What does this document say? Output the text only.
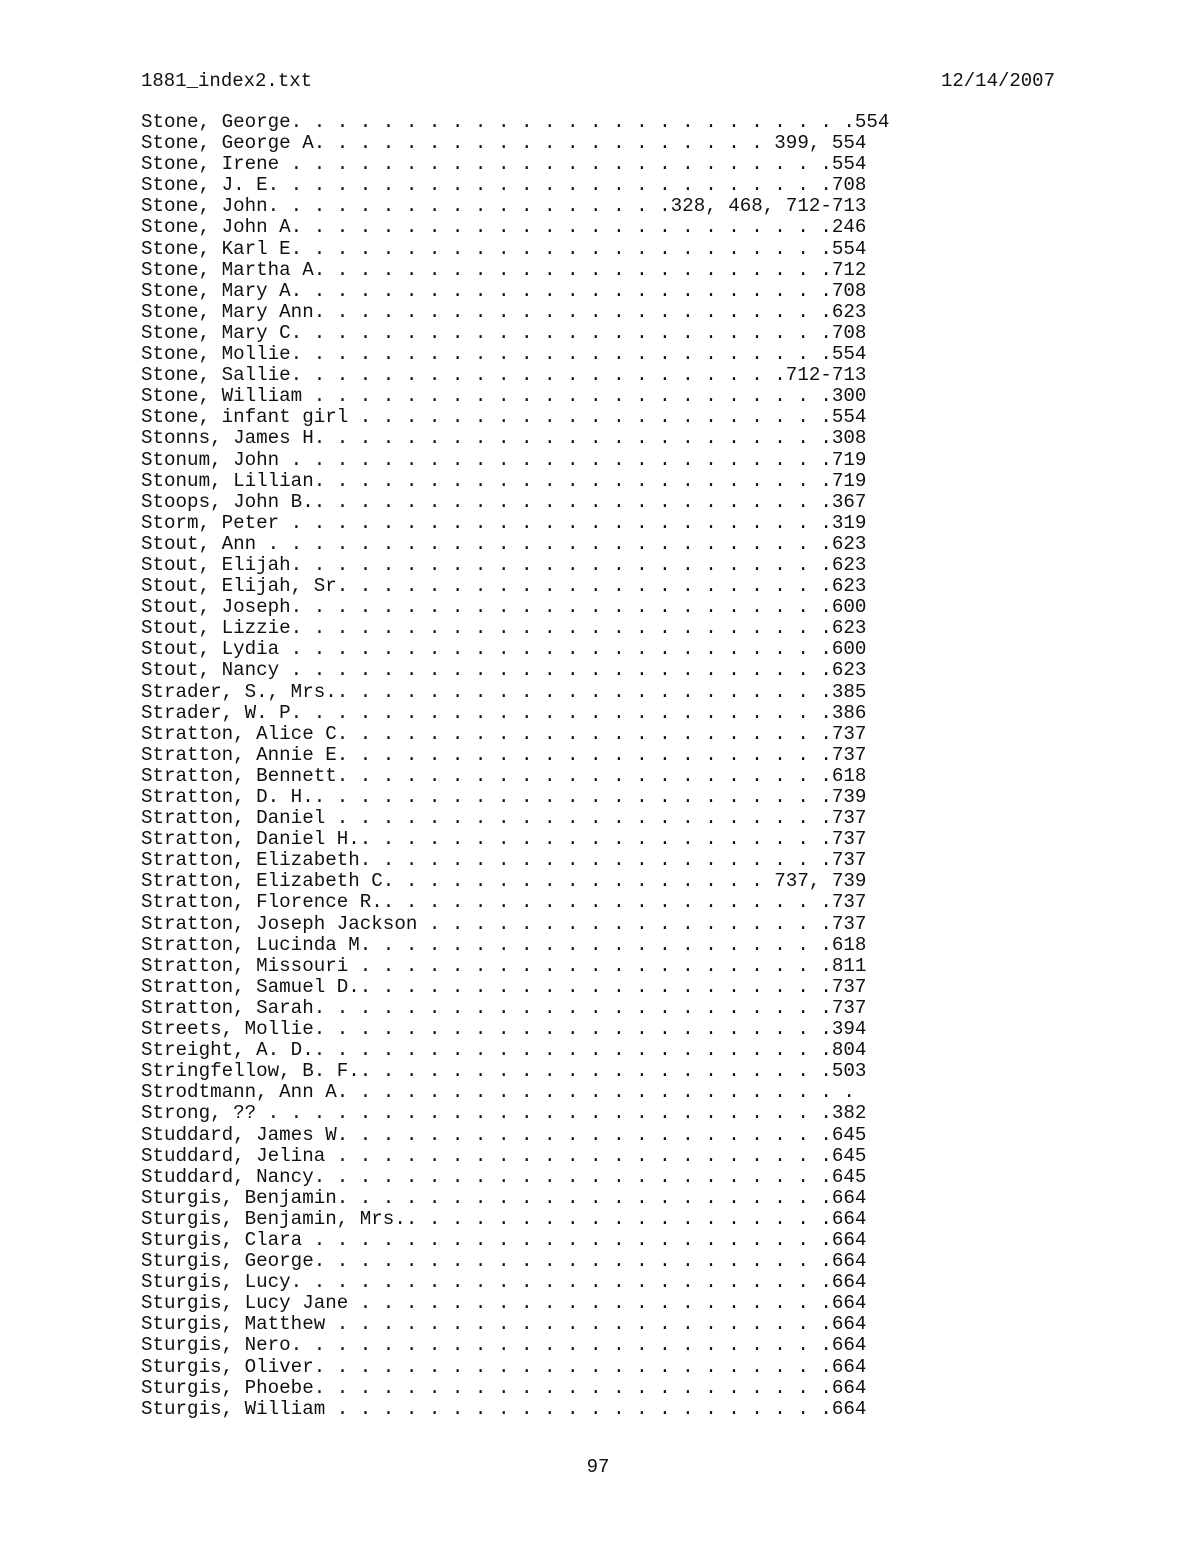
1881_index2.txt	12/14/2007
Stone, George. . . . . . . . . . . . . . . . . . . . . . . . .554
Stone, George A. . . . . . . . . . . . . . . . . . . . 399, 554
Stone, Irene . . . . . . . . . . . . . . . . . . . . . . . .554
Stone, J. E. . . . . . . . . . . . . . . . . . . . . . . . .708
Stone, John. . . . . . . . . . . . . . . . . .328, 468, 712-713
Stone, John A. . . . . . . . . . . . . . . . . . . . . . . .246
Stone, Karl E. . . . . . . . . . . . . . . . . . . . . . . .554
Stone, Martha A. . . . . . . . . . . . . . . . . . . . . . .712
Stone, Mary A. . . . . . . . . . . . . . . . . . . . . . . .708
Stone, Mary Ann. . . . . . . . . . . . . . . . . . . . . . .623
Stone, Mary C. . . . . . . . . . . . . . . . . . . . . . . .708
Stone, Mollie. . . . . . . . . . . . . . . . . . . . . . . .554
Stone, Sallie. . . . . . . . . . . . . . . . . . . . . .712-713
Stone, William . . . . . . . . . . . . . . . . . . . . . . .300
Stone, infant girl . . . . . . . . . . . . . . . . . . . . .554
Stonns, James H. . . . . . . . . . . . . . . . . . . . . . .308
Stonum, John . . . . . . . . . . . . . . . . . . . . . . . .719
Stonum, Lillian. . . . . . . . . . . . . . . . . . . . . . .719
Stoops, John B.. . . . . . . . . . . . . . . . . . . . . . .367
Storm, Peter . . . . . . . . . . . . . . . . . . . . . . . .319
Stout, Ann . . . . . . . . . . . . . . . . . . . . . . . . .623
Stout, Elijah. . . . . . . . . . . . . . . . . . . . . . . .623
Stout, Elijah, Sr. . . . . . . . . . . . . . . . . . . . . .623
Stout, Joseph. . . . . . . . . . . . . . . . . . . . . . . .600
Stout, Lizzie. . . . . . . . . . . . . . . . . . . . . . . .623
Stout, Lydia . . . . . . . . . . . . . . . . . . . . . . . .600
Stout, Nancy . . . . . . . . . . . . . . . . . . . . . . . .623
Strader, S., Mrs.. . . . . . . . . . . . . . . . . . . . . .385
Strader, W. P. . . . . . . . . . . . . . . . . . . . . . . .386
Stratton, Alice C. . . . . . . . . . . . . . . . . . . . . .737
Stratton, Annie E. . . . . . . . . . . . . . . . . . . . . .737
Stratton, Bennett. . . . . . . . . . . . . . . . . . . . . .618
Stratton, D. H.. . . . . . . . . . . . . . . . . . . . . . .739
Stratton, Daniel . . . . . . . . . . . . . . . . . . . . . .737
Stratton, Daniel H.. . . . . . . . . . . . . . . . . . . . .737
Stratton, Elizabeth. . . . . . . . . . . . . . . . . . . . .737
Stratton, Elizabeth C. . . . . . . . . . . . . . . . . 737, 739
Stratton, Florence R.. . . . . . . . . . . . . . . . . . . .737
Stratton, Joseph Jackson . . . . . . . . . . . . . . . . . .737
Stratton, Lucinda M. . . . . . . . . . . . . . . . . . . . .618
Stratton, Missouri . . . . . . . . . . . . . . . . . . . . .811
Stratton, Samuel D.. . . . . . . . . . . . . . . . . . . . .737
Stratton, Sarah. . . . . . . . . . . . . . . . . . . . . . .737
Streets, Mollie. . . . . . . . . . . . . . . . . . . . . . .394
Streight, A. D.. . . . . . . . . . . . . . . . . . . . . . .804
Stringfellow, B. F.. . . . . . . . . . . . . . . . . . . . .503
Strodtmann, Ann A. . . . . . . . . . . . . . . . . . . . . . .
Strong, ?? . . . . . . . . . . . . . . . . . . . . . . . . .382
Studdard, James W. . . . . . . . . . . . . . . . . . . . . .645
Studdard, Jelina . . . . . . . . . . . . . . . . . . . . . .645
Studdard, Nancy. . . . . . . . . . . . . . . . . . . . . . .645
Sturgis, Benjamin. . . . . . . . . . . . . . . . . . . . . .664
Sturgis, Benjamin, Mrs.. . . . . . . . . . . . . . . . . . .664
Sturgis, Clara . . . . . . . . . . . . . . . . . . . . . . .664
Sturgis, George. . . . . . . . . . . . . . . . . . . . . . .664
Sturgis, Lucy. . . . . . . . . . . . . . . . . . . . . . . .664
Sturgis, Lucy Jane . . . . . . . . . . . . . . . . . . . . .664
Sturgis, Matthew . . . . . . . . . . . . . . . . . . . . . .664
Sturgis, Nero. . . . . . . . . . . . . . . . . . . . . . . .664
Sturgis, Oliver. . . . . . . . . . . . . . . . . . . . . . .664
Sturgis, Phoebe. . . . . . . . . . . . . . . . . . . . . . .664
Sturgis, William . . . . . . . . . . . . . . . . . . . . . .664
97
